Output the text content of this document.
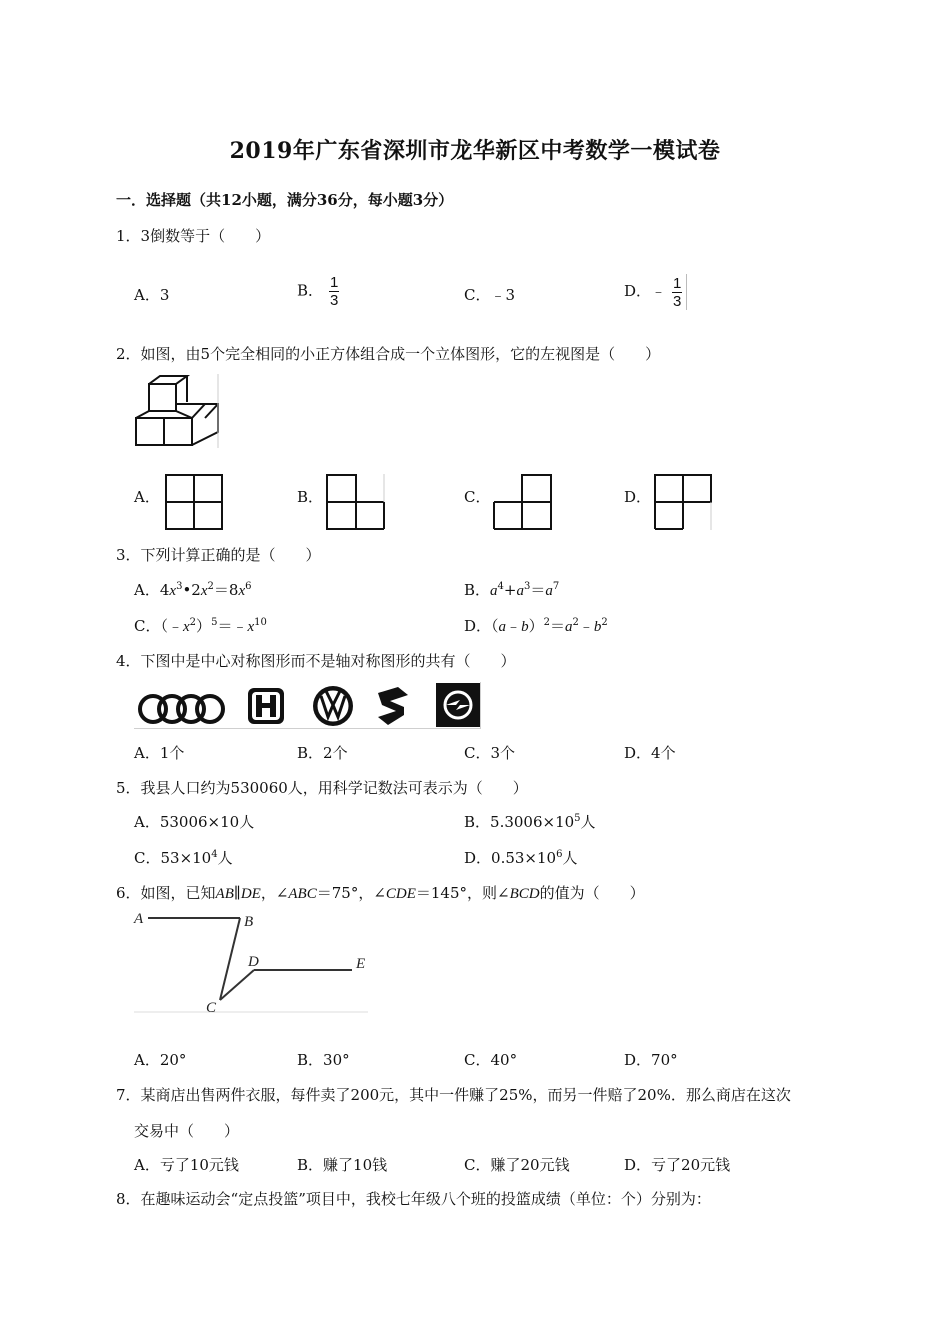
2019年广东省深圳市龙华新区中考数学一模试卷
一．选择题（共12小题，满分36分，每小题3分）
1．3倒数等于（　　）
A．3	B． $\frac{1}{3}$	C．﹣3	D．﹣ $\frac{1}{3}$
2．如图，由5个完全相同的小正方体组合成一个立体图形，它的左视图是（　　）
A．	B．	C．	D．
3．下列计算正确的是（　　）
A．$4x^3•2x^2=8x^6$	B．$a^4+a^3=a^7$
C．$(﹣x^2)^5=﹣x^{10}$	D．$(a﹣b)^2=a^2﹣b^2$
4．下图中是中心对称图形而不是轴对称图形的共有（　　）
A．1个	B．2个	C．3个	D．4个
5．我县人口约为530060人，用科学记数法可表示为（　　）
A．53006×10人	B．$5.3006\times 10^5$人
C．$53\times 10^4$人	D．$0.53\times 10^6$人
6．如图，已知AB∥DE，∠ABC＝75°，∠CDE＝145°，则∠BCD的值为（　　）
A	B
C
D	E
A．20°	B．30°	C．40°	D．70°
7．某商店出售两件衣服，每件卖了200元，其中一件赚了25%，而另一件赔了20%．那么商店在这次
交易中（　　）
A．亏了10元钱	B．赚了10钱	C．赚了20元钱	D．亏了20元钱
8．在趣味运动会“定点投篮”项目中，我校七年级八个班的投篮成绩（单位：个）分别为：
